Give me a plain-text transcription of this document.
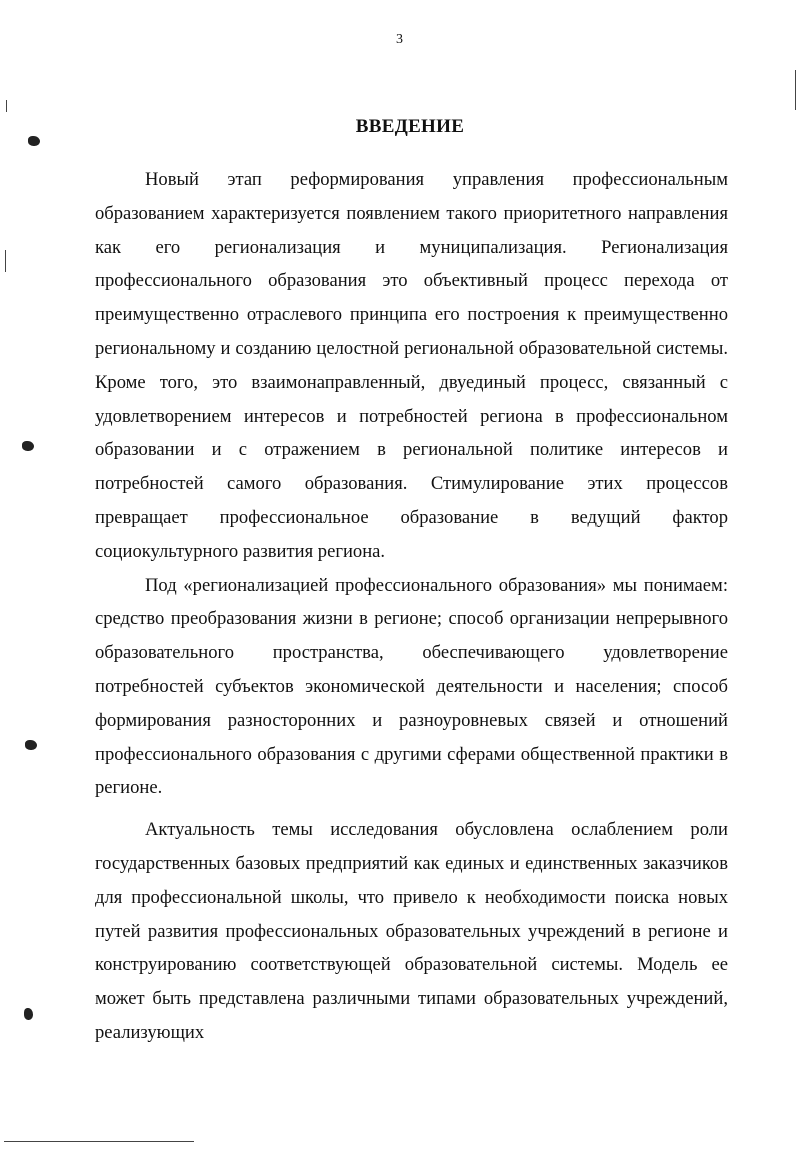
3
ВВЕДЕНИЕ

Новый этап реформирования управления профессиональным образованием характеризуется появлением такого приоритетного направления как его регионализация и муниципализация. Регионализация профессионального образования это объективный процесс перехода от преимущественно отраслевого принципа его построения к преимущественно региональному и созданию целостной региональной образовательной системы. Кроме того, это взаимонаправленный, двуединый процесс, связанный с удовлетворением интересов и потребностей региона в профессиональном образовании и с отражением в региональной политике интересов и потребностей самого образования. Стимулирование этих процессов превращает профессиональное образование в ведущий фактор социокультурного развития региона.

Под «регионализацией профессионального образования» мы понимаем: средство преобразования жизни в регионе; способ организации непрерывного образовательного пространства, обеспечивающего удовлетворение потребностей субъектов экономической деятельности и населения; способ формирования разносторонних и разноуровневых связей и отношений профессионального образования с другими сферами общественной практики в регионе.

Актуальность темы исследования обусловлена ослаблением роли государственных базовых предприятий как единых и единственных заказчиков для профессиональной школы, что привело к необходимости поиска новых путей развития профессиональных образовательных учреждений в регионе и конструированию соответствующей образовательной системы. Модель ее может быть представлена различными типами образовательных учреждений, реализующих
